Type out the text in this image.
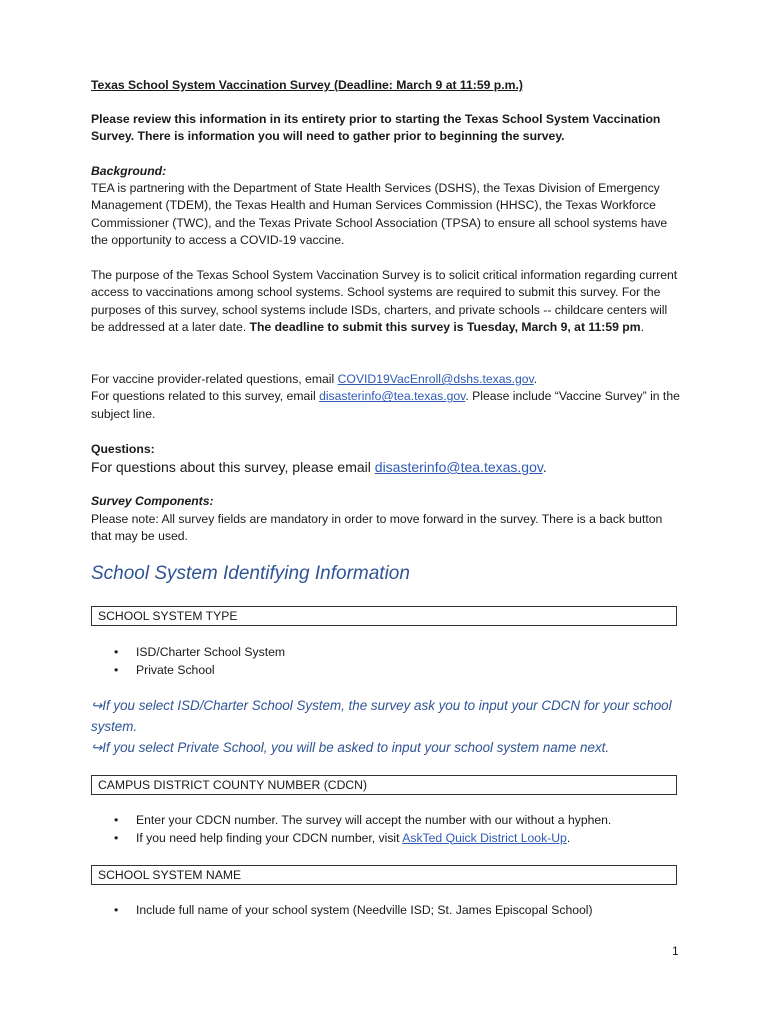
Texas School System Vaccination Survey (Deadline: March 9 at 11:59 p.m.)

Please review this information in its entirety prior to starting the Texas School System Vaccination Survey. There is information you will need to gather prior to beginning the survey.

Background:

TEA is partnering with the Department of State Health Services (DSHS), the Texas Division of Emergency Management (TDEM), the Texas Health and Human Services Commission (HHSC), the Texas Workforce Commissioner (TWC), and the Texas Private School Association (TPSA) to ensure all school systems have the opportunity to access a COVID-19 vaccine.

The purpose of the Texas School System Vaccination Survey is to solicit critical information regarding current access to vaccinations among school systems. School systems are required to submit this survey. For the purposes of this survey, school systems include ISDs, charters, and private schools -- childcare centers will be addressed at a later date. The deadline to submit this survey is Tuesday, March 9, at 11:59 pm.

For vaccine provider-related questions, email COVID19VacEnroll@dshs.texas.gov.
For questions related to this survey, email disasterinfo@tea.texas.gov. Please include “Vaccine Survey” in the subject line.

Questions:

For questions about this survey, please email disasterinfo@tea.texas.gov.

Survey Components:

Please note: All survey fields are mandatory in order to move forward in the survey. There is a back button that may be used.

School System Identifying Information
SCHOOL SYSTEM TYPE
• ISD/Charter School System
• Private School
↪If you select ISD/Charter School System, the survey ask you to input your CDCN for your school system.
↪If you select Private School, you will be asked to input your school system name next.
CAMPUS DISTRICT COUNTY NUMBER (CDCN)
• Enter your CDCN number. The survey will accept the number with our without a hyphen.
• If you need help finding your CDCN number, visit AskTed Quick District Look-Up.
SCHOOL SYSTEM NAME
• Include full name of your school system (Needville ISD; St. James Episcopal School)
1
